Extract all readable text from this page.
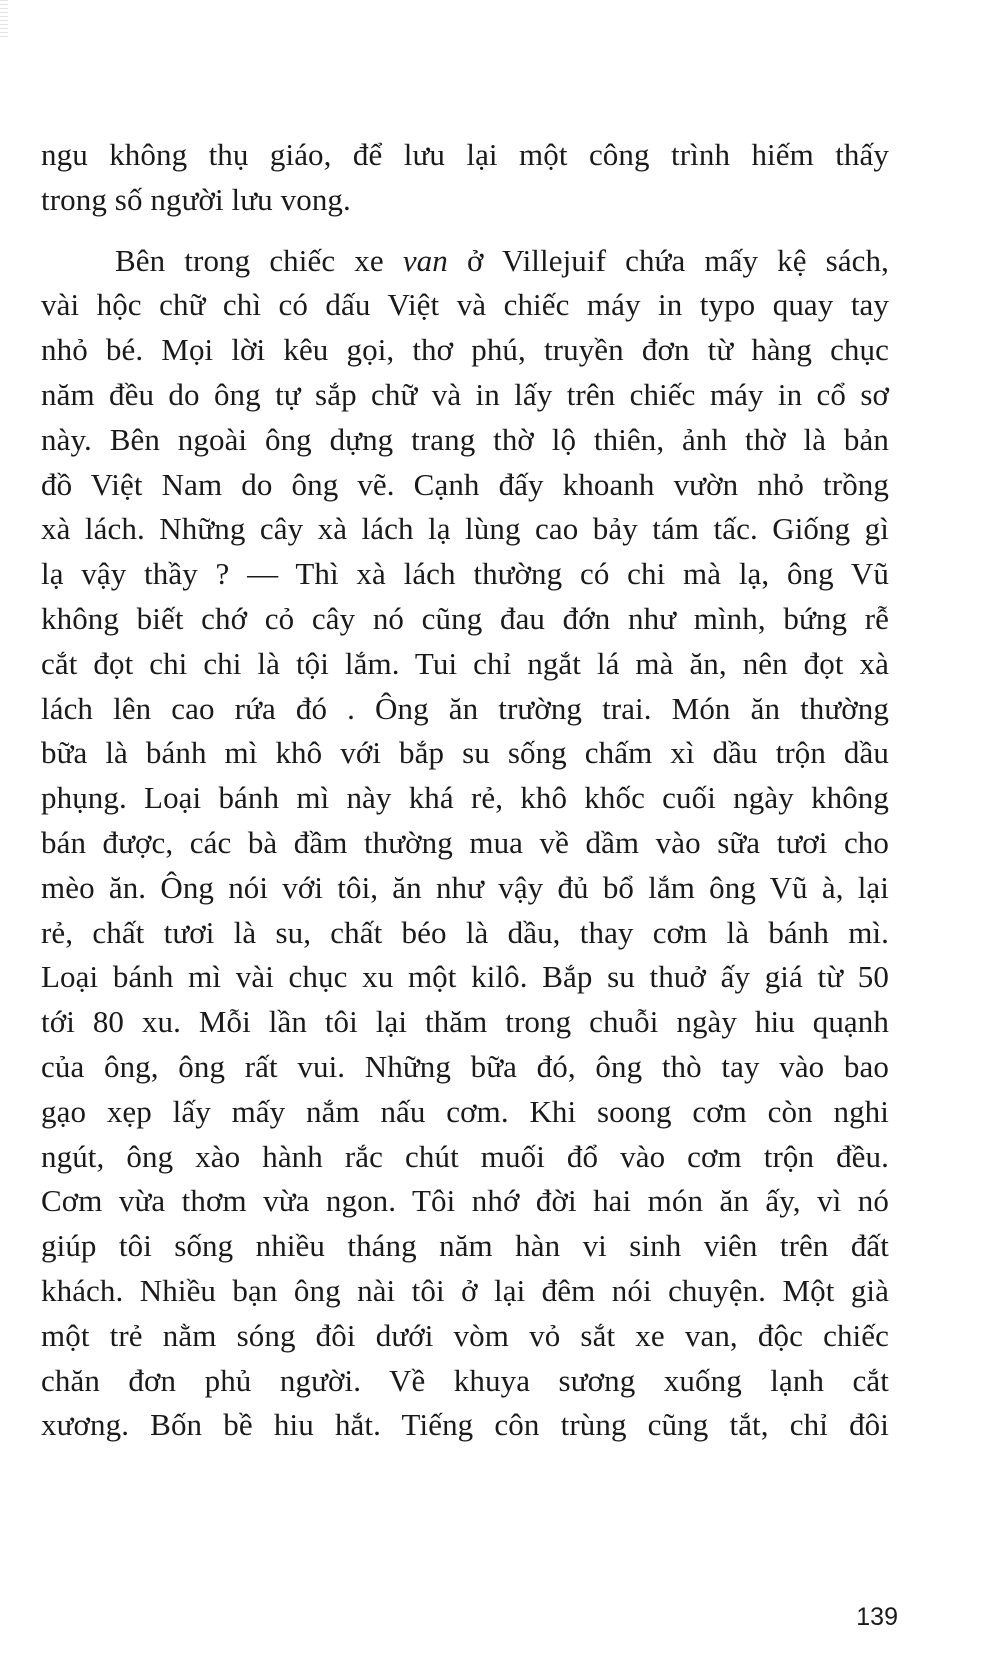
ngu không thụ giáo, để lưu lại một công trình hiếm thấy
trong số người lưu vong.
Bên trong chiếc xe van ở Villejuif chứa mấy kệ sách,
vài hộc chữ chì có dấu Việt và chiếc máy in typo quay tay
nhỏ bé. Mọi lời kêu gọi, thơ phú, truyền đơn từ hàng chục
năm đều do ông tự sắp chữ và in lấy trên chiếc máy in cổ sơ
này. Bên ngoài ông dựng trang thờ lộ thiên, ảnh thờ là bản
đồ Việt Nam do ông vẽ. Cạnh đấy khoanh vườn nhỏ trồng
xà lách. Những cây xà lách lạ lùng cao bảy tám tấc. Giống gì
lạ vậy thầy ? — Thì xà lách thường có chi mà lạ, ông Vũ
không biết chớ cỏ cây nó cũng đau đớn như mình, bứng rễ
cắt đọt chi chi là tội lắm. Tui chỉ ngắt lá mà ăn, nên đọt xà
lách lên cao rứa đó . Ông ăn trường trai. Món ăn thường
bữa là bánh mì khô với bắp su sống chấm xì dầu trộn dầu
phụng. Loại bánh mì này khá rẻ, khô khốc cuối ngày không
bán được, các bà đầm thường mua về dầm vào sữa tươi cho
mèo ăn. Ông nói với tôi, ăn như vậy đủ bổ lắm ông Vũ à, lại
rẻ, chất tươi là su, chất béo là dầu, thay cơm là bánh mì.
Loại bánh mì vài chục xu một kilô. Bắp su thuở ấy giá từ 50
tới 80 xu. Mỗi lần tôi lại thăm trong chuỗi ngày hiu quạnh
của ông, ông rất vui. Những bữa đó, ông thò tay vào bao
gạo xẹp lấy mấy nắm nấu cơm. Khi soong cơm còn nghi
ngút, ông xào hành rắc chút muối đổ vào cơm trộn đều.
Cơm vừa thơm vừa ngon. Tôi nhớ đời hai món ăn ấy, vì nó
giúp tôi sống nhiều tháng năm hàn vi sinh viên trên đất
khách. Nhiều bạn ông nài tôi ở lại đêm nói chuyện. Một già
một trẻ nằm sóng đôi dưới vòm vỏ sắt xe van, độc chiếc
chăn đơn phủ người. Về khuya sương xuống lạnh cắt
xương. Bốn bề hiu hắt. Tiếng côn trùng cũng tắt, chỉ đôi
139
